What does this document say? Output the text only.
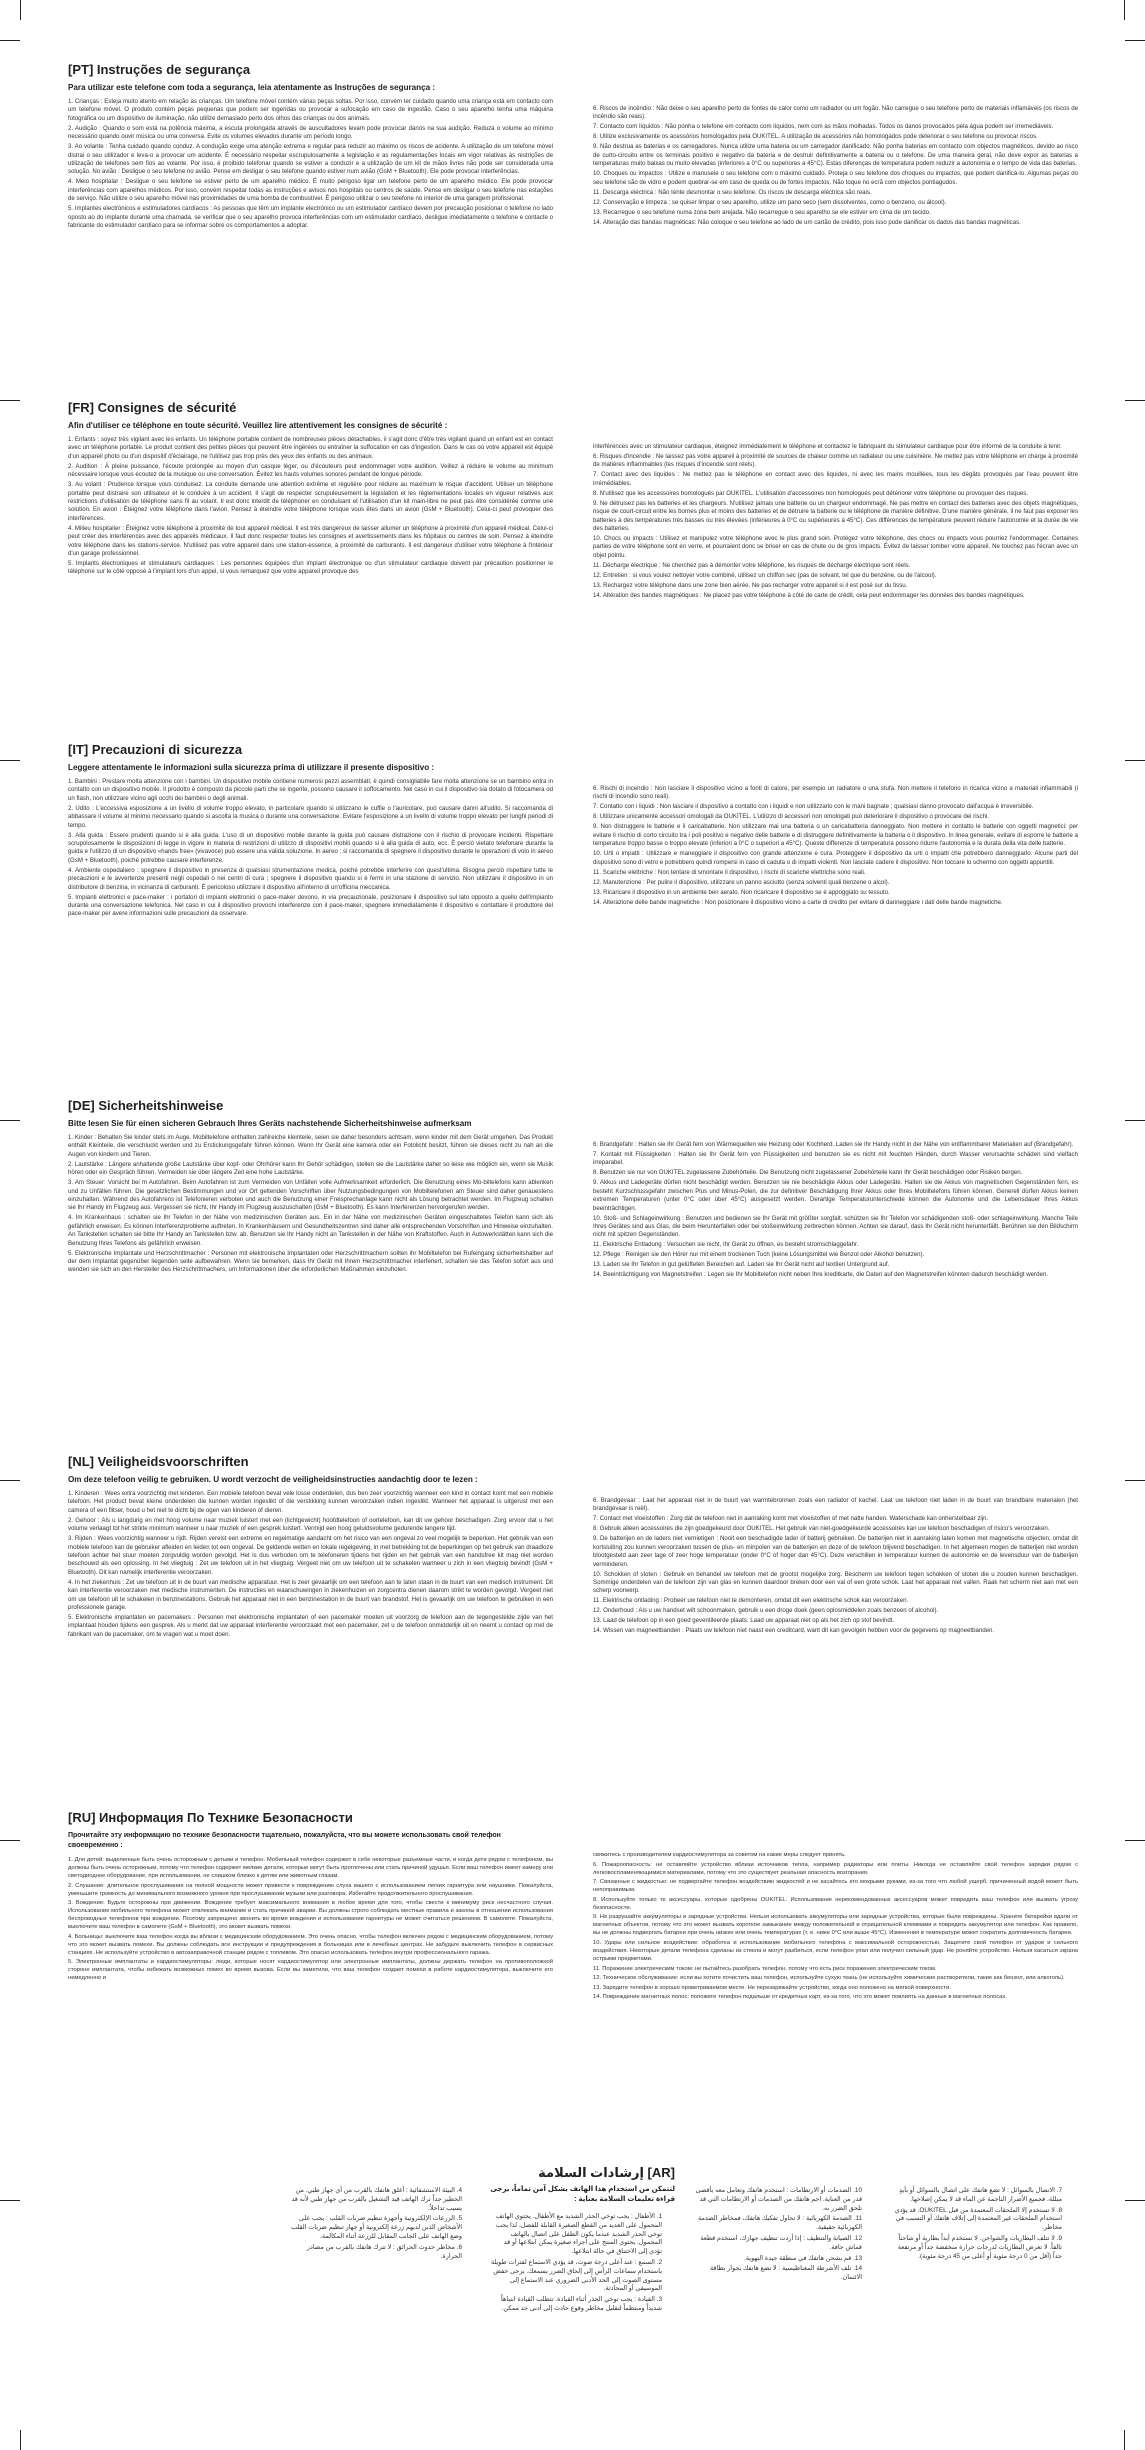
[PT] Instruções de segurança
Para utilizar este telefone com toda a segurança, leia atentamente as Instruções de segurança :

1. Crianças : Esteja muito atento em relação às crianças. Um telefone móvel contém várias peças soltas. Por isso, convém ter cuidado quando uma criança está em contacto com um telefone móvel. O produto contém peças pequenas que podem ser ingeridas ou provocar a sufocação em caso de ingestão. Caso o seu aparelho tenha uma máquina fotográfica ou um dispositivo de iluminação, não utilize demasiado perto dos olhos das crianças ou dos animais.

2. Audição : Quando o som está na potência máxima, a escuta prolongada através de auscultadores levam pode provocar danos na sua audição. Reduza o volume ao mínimo necessário quando ouvir música ou uma conversa. Evite os volumes elevados durante um período longo.

3. Ao volante : Tenha cuidado quando conduz. A condução exige uma atenção extrema e regular para reduzir ao máximo os riscos de acidente. A utilização de um telefone móvel distrai o seu utilizador e leva-o a provocar um acidente. É necessário respeitar escrupulosamente a legislação e as regulamentações locais em vigor relativas às restrições de utilização de telefones sem fios ao volante. Por isso, é proibido telefonar quando se estiver a conduzir e a utilização de um kit de mãos livres não pode ser considerada uma solução. No avião : Desligue o seu telefone no avião. Pense em desligar o seu telefone quando estiver num avião (GsM + Bluetooth). Ele pode provocar interferências.

4. Meio hospitalar : Desligue o seu telefone se estiver perto de um aparelho médico. É muito perigoso ligar um telefone perto de um aparelho médico. Ele pode provocar interferências com aparelhos médicos. Por isso, convém respeitar todas as instruções e avisos nos hospitais ou centros de saúde. Pense em desligar o seu telefone nas estações de serviço. Não utilize o seu aparelho móvel nas proximidades de uma bomba de combustível. É perigoso utilizar o seu telefone no interior de uma garagem profissional.

5. Implantes electrónicos e estimuladores cardíacos : As pessoas que têm um implante electrónico ou um estimulador cardíaco devem por precaução posicionar o telefone no lado oposto ao do implante durante uma chamada, se verificar que o seu aparelho provoca interferências com um estimulador cardíaco, desligue imediatamente o telefone e contacte o fabricante do estimulador cardíaco para se informar sobre os comportamentos a adoptar.

6. Riscos de incêndio : Não deixe o seu aparelho perto de fontes de calor como um radiador ou um fogão. Não carregue o seu telefone perto de materiais inflamáveis (os riscos de incêndio são reais).

7. Contacto com líquidos : Não ponha o telefone em contacto com líquidos, nem com as mãos molhadas. Todos os danos provocados pela água podem ser irremediáveis.

8. Utilize exclusivamente os acessórios homologados pela OUKITEL. A utilização de acessórios não homologados pode deteriorar o seu telefone ou provocar riscos.

9. Não destrua as baterias e os carregadores. Nunca utilize uma bateria ou um carregador danificado. Não ponha baterias em contacto com objectos magnéticos, devido ao risco de curto-circuito entre os terminais positivo e negativo da bateria e de destruir definitivamente a bateria ou o telefone. De uma maneira geral, não deve expor as baterias a temperaturas muito baixas ou muito elevadas (inferiores a 0°C ou superiores a 45°C). Estas diferenças de temperatura podem reduzir a autonomia e o tempo de vida das baterias.

10. Choques ou impactos : Utilize e manuseie o seu telefone com o máximo cuidado. Proteja o seu telefone dos choques ou impactos, que podem danificá-lo. Algumas peças do seu telefone são de vidro e podem quebrar-se em caso de queda ou de fortes impactos. Não toque no ecrã com objectos pontiagudos.

11. Descarga eléctrica : Não tente desmontar o seu telefone. Os riscos de descarga eléctrica são reais.

12. Conservação e limpeza : se quiser limpar o seu aparelho, utilize um pano seco (sem dissolventes, como o benzeno, ou álcool).

13. Recarregue o seu telefone numa zona bem arejada. Não recarregue o seu aparelho se ele estiver em cima de um tecido.

14. Alteração das bandas magnéticas: Não coloque o seu telefone ao lado de um cartão de crédito, pois isso pode danificar os dados das bandas magnéticas.

[FR] Consignes de sécurité
Afin d'utiliser ce téléphone en toute sécurité. Veuillez lire attentivement les consignes de sécurité :

1. Enfants : soyez très vigilant avec les enfants. Un téléphone portable contient de nombreuses pièces détachables, il s'agit donc d'être très vigilant quand un enfant est en contact avec un téléphone portable. Le produit contient des petites pièces qui peuvent être ingérées ou entraîner la suffocation en cas d'ingestion. Dans le cas où votre appareil est équipé d'un appareil photo ou d'un dispositif d'éclairage, ne l'utilisez pas trop près des yeux des enfants ou des animaux.

2. Audition : À pleine puissance, l'écoute prolongée au moyen d'un casque léger, ou d'écouteurs peut endommager votre audition. Veillez à réduire le volume au minimum nécessaire lorsque vous écoutez de la musique ou une conversation. Évitez les hauts volumes sonores pendant de longue période.

3. Au volant : Prudence lorsque vous conduisez. La conduite demande une attention extrême et régulière pour réduire au maximum le risque d'accident. Utiliser un téléphone portable peut distraire son utilisateur et le conduire à un accident. Il s'agit de respecter scrupuleusement la législation et les réglementations locales en vigueur relatives aux restrictions d'utilisation de téléphone sans fil au volant. Il est donc interdit de téléphoner en conduisant et l'utilisation d'un kit main-libre ne peut pas être considérée comme une solution. En avion : Éteignez votre téléphone dans l'avion. Pensez à éteindre votre téléphone lorsque vous êtes dans un avion (GsM + Bluetooth). Celui-ci peut provoquer des interférences.

4. Milieu hospitalier : Éteignez votre téléphone à proximité de tout appareil médical. Il est très dangereux de laisser allumer un téléphone à proximité d'un appareil médical. Celui-ci peut créer des interférences avec des appareils médicaux. Il faut donc respecter toutes les consignes et avertissements dans les hôpitaux ou centres de soin. Pensez à éteindre votre téléphone dans les stations-service. N'utilisez pas votre appareil dans une station-essence, à proximité de carburants. Il est dangereux d'utiliser votre téléphone à l'intérieur d'un garage professionnel.

5. Implants électroniques et stimulateurs cardiaques : Les personnes équipées d'un implant électronique ou d'un stimulateur cardiaque doivent par précaution positionner le téléphone sur le côté opposé à l'implant lors d'un appel, si vous remarquez que votre appareil provoque des

interférences avec un stimulateur cardiaque, éteignez immédiatement le téléphone et contactez le fabriquant du stimulateur cardiaque pour être informé de la conduite à tenir.

6. Risques d'incendie : Ne laissez pas votre appareil à proximité de sources de chaleur comme un radiateur ou une cuisinière. Ne mettez pas votre téléphone en charge à proximité de matières inflammables (les risques d'incendie sont réels).

7. Contact avec des liquides : Ne mettez pas le téléphone en contact avec des liquides, ni avec les mains mouillées, tous les dégâts provoqués par l'eau peuvent être irrémédiables.

8. N'utilisez que les accessoires homologués par OUKITEL. L'utilisation d'accessoires non homologués peut détériorer votre téléphone ou provoquer des risques.

9. Ne détruisez pas les batteries et les chargeurs. N'utilisez jamais une batterie ou un chargeur endommagé. Ne pas mettre en contact des batteries avec des objets magnétiques, risque de court-circuit entre les bornes plus et moins des batteries et de détruire la batterie ou le téléphone de manière définitive. D'une manière générale, il ne faut pas exposer les batteries à des températures très basses ou très élevées (inférieures à 0°C ou supérieures à 45°C). Ces différences de température peuvent réduire l'autonomie et la durée de vie des batteries.

10. Chocs ou impacts : Utilisez et manipulez votre téléphone avec le plus grand soin. Protégez votre téléphone, des chocs ou impacts vous pourriez l'endommager. Certaines parties de votre téléphone sont en verre, et pourraient donc se briser en cas de chute ou de gros impacts. Évitez de laisser tomber votre appareil. Ne touchez pas l'écran avec un objet pointu.

11. Décharge électrique : Ne cherchez pas à démonter votre téléphone, les risques de décharge électrique sont réels.

12. Entretien : si vous voulez nettoyer votre combiné, utilisez un chiffon sec (pas de solvant, tel que du benzène, ou de l'alcool).

13. Rechargez votre téléphone dans une zone bien aérée. Ne pas recharger votre appareil si il est posé sur du tissu.

14. Altération des bandes magnétiques : Ne placez pas votre téléphone à côté de carte de crédit, cela peut endommager les données des bandes magnétiques.

[IT] Precauzioni di sicurezza
Leggere attentamente le informazioni sulla sicurezza prima di utilizzare il presente dispositivo :

1. Bambini : Prestare molta attenzione con i bambini. Un dispositivo mobile contiene numerosi pezzi assemblati; è quindi consigliabile fare molta attenzione se un bambino entra in contatto con un dispositivo mobile. Il prodotto è composto da piccole parti che se ingerite, possono causare il soffocamento. Nel caso in cui il dispositivo sia dotato di fotocamera od un flash, non utilizzare vicino agli occhi dei bambini o degli animali.

2. Udito : L'eccessiva esposizione a un livello di volume troppo elevato, in particolare quando si utilizzano le cuffie o l'auricolare, può causare danni all'udito. Si raccomanda di abbassare il volume al minimo necessario quando si ascolta la musica o durante una conversazione. Evitare l'esposizione a un livello di volume troppo elevato per lunghi periodi di tempo.

3. Alla guida : Essere prudenti quando si è alla guida. L'uso di un dispositivo mobile durante la guida può causare distrazione con il rischio di provocare incidenti. Rispettare scrupolosamente le disposizioni di legge in vigore in materia di restrizioni di utilizzo di dispositivi mobili quando si è alla guida di auto, ecc. È perciò vietato telefonare durante la guida e l'utilizzo di un dispositivo «hands free» (vivavoce) può essere una valida soluzione. In aereo : si raccomanda di spegnere il dispositivo durante le operazioni di volo in aereo (GsM + Bluetooth), poiché potrebbe causare interferenze.

4. Ambiente ospedaliero : spegnere il dispositivo in presenza di qualsiasi strumentazione medica, poiché potrebbe interferire con quest'ultima. Bisogna perciò rispettare tutte le precauzioni e le avvertenze presenti negli ospedali o nei centri di cura ; spegnere il dispositivo quando si è fermi in una stazione di servizio. Non utilizzare il dispositivo in un distributore di benzina, in vicinanza di carburanti. È pericoloso utilizzare il dispositivo all'interno di un'officina meccanica.

5. Impianti elettronici e pace-maker : i portatori di impianti elettronici o pace-maker devono, in via precauzionale, posizionare il dispositivo sul lato opposto a quello dell'impianto durante una conversazione telefonica. Nel caso in cui il dispositivo provochi interferenze con il pace-maker, spegnere immediatamente il dispositivo e contattare il produttore del pace-maker per avere informazioni sulle precauzioni da osservare.

6. Rischi di incendio : Non lasciare il dispositivo vicino a fonti di calore, per esempio un radiatore o una stufa. Non mettere il telefono in ricarica vicino a materiali infiammabili (i rischi di incendio sono reali).

7. Contatto con i liquidi : Non lasciare il dispositivo a contatto con i liquidi e non utilizzarlo con le mani bagnate ; qualsiasi danno provocato dall'acqua è irreversibile.

8. Utilizzare unicamente accessori omologati da OUKITEL. L'utilizzo di accessori non omologati può deteriorare il dispositivo o provocare dei rischi.

9. Non distruggere le batterie e il caricabatterie. Non utilizzare mai una batteria o un caricabatteria danneggiato. Non mettere in contatto le batterie con oggetti magnetici: per evitare il rischio di corto circuito tra i poli positivo e negativo delle batterie e di distruggere definitivamente la batteria o il dispositivo. In linea generale, evitare di esporre le batterie a temperature troppo basse o troppo elevate (inferiori a 0°C o superiori a 45°C). Queste differenze di temperatura possono ridurre l'autonomia e la durata della vita delle batterie.

10. Urti o impatti : Utilizzare e maneggiare il dispositivo con grande attenzione e cura. Proteggere il dispositivo da urti o impatti che potrebbero danneggiarlo. Alcune parti del dispositivo sono di vetro e potrebbero quindi rompersi in caso di caduta o di impatti violenti. Non lasciate cadere il dispositivo. Non toccare lo schermo con oggetti appuntiti.

11. Scariche elettriche : Non tentare di smontare il dispositivo, i rischi di scariche elettriche sono reali.

12. Manutenzione : Per pulire il dispositivo, utilizzare un panno asciutto (senza solventi quali benzene o alcol).

13. Ricaricare il dispositivo in un ambiente ben aerato. Non ricaricare il dispositivo se è appoggiato su tessuto.

14. Alterazione delle bande magnetiche : Non posizionare il dispositivo vicino a carte di credito per evitare di danneggiare i dati delle bande magnetiche.

[DE] Sicherheitshinweise
Bitte lesen Sie für einen sicheren Gebrauch Ihres Geräts nachstehende Sicherheitshinweise aufmerksam

1. Kinder : Behalten Sie kinder stets im Auge. Mobiltelefone enthalten zahlreiche kleinteile, seien sie daher besonders achtsam, wenn kinder mit dem Gerät umgehen. Das Produkt enthält Kleinteile, die verschluckt werden und zu Erstickungsgefahr führen können. Wenn Ihr Gerät eine kamera oder ein Fotolicht besitzt, führen sie dieses nicht zu nah an die Augen von kindern und Tieren.

2. Lautstärke : Längere anhaltende große Lautstärke über kopf- oder Ohrhörer kann Ihr Gehör schädigen, stellen sie die Lautstärke daher so leise wie möglich ein, wenn sie Musik hören oder ein Gespräch führen. Vermeiden sie über längere Zeit eine hohe Lautstärke.

3. Am Steuer: Vorsicht bei m Autofahren. Beim Autofahren ist zum Vermeiden von Unfällen volle Aufmerksamkeit erforderlich. Die Benutzung eines Mo-biltelefons kann ablenken und zu Unfällen führen. Die gesetzlichen Bestimmungen und vor Ort geltenden Vorschriften über Nutzungsbedingungen von Mobiltelefonen am Steuer sind daher genauestens einzuhalten. Während des Autofahrens ist Telefonieren verboten und auch die Benutzung einer Freisprechanlage kann nicht als Lösung betrachtet werden. Im Flugzeug schalten sie Ihr Handy im Flugzeug aus. Vergessen sie nicht, Ihr Handy im Flugzeug auszuschalten (GsM + Bluetooth). Es kann Interferenzen hervorgerufen werden.

4. Im Krankenhaus : schalten sie Ihr Telefon in der Nähe von medizinischen Geräten aus. Ein in der Nähe von medizinischen Geräten eingeschaltetes Telefon kann sich als gefährlich erweisen. Es können Interferenzprobleme auftreten. In Krankenhäusern und Gesundheitszentren sind daher alle entsprechenden Vorschriften und Hinweise einzuhalten. An Tankstellen schalten sie bitte Ihr Handy an Tankstellen bzw. ab. Benutzen sie Ihr Handy nicht an Tankstellen in der Nähe von Kraftstoffen. Auch in Autowerkstätten kann sich die Benutzung Ihres Telefons als gefährlich erweisen.

5. Elektronische Implantate und Herzschrittmacher : Personen mit elektronische Implantaten oder Herzschrittmachern sollten ihr Mobiltelefon bei Rufeingang sicherheitshalber auf der dem Implantat gegenüber liegenden seite aufbewahren. Wenn sie bemerken, dass Ihr Gerät mit Ihrem Herzschrittmacher interferiert, schalten sie das Telefon sofort aus und wenden sie sich an den Hersteller des Herzschrittmachers, um Informationen über die erforderlichen Maßnahmen einzuholen.

6. Brandgefahr : Halten sie Ihr Gerät fern von Wärmequellen wie Heizung oder Kochherd. Laden sie Ihr Handy nicht in der Nähe von entflammbarer Materialien auf (Brandgefahr).

7. Kontakt mit Flüssigkeiten : Halten sie Ihr Gerät fern von Flüssigkeiten und benutzen sie es nicht mit feuchten Händen, durch Wasser verursachte schäden sind vielfach irreparabel.

8. Benutzen sie nur von OUKITEL zugelassene Zubehörteile. Die Benutzung nicht zugelassener Zubehörteile kann Ihr Gerät beschädigen oder Risiken bergen.

9. Akkus und Ladegeräte dürfen nicht beschädigt werden. Benutzen sie nie beschädigte Akkus oder Ladegeräte. Halten sie die Akkus von magnetischen Gegenständen fern, es besteht Kurzschlussgefahr zwischen Plus und Minus-Polen, die zur definitiver Beschädigung Ihrer Akkus oder Ihres Mobiltelefons führen können. Generell dürfen Akkus keinen extremen Temperaturen (unter 0°C oder über 45°C) ausgesetzt werden. Derartige Temperaturunterschiede können die Autonomie und die Lebensdauer Ihres Akkus beeinträchtigen.

10. Stoß- und Schlageinwirkung : Benutzen und bedienen sie Ihr Gerät mit größter sorgfalt. schützen sie Ihr Telefon vor schädigenden stoß- oder schlageinwirkung. Manche Teile Ihres Gerätes sind aus Glas, die beim Herunterfallen oder bei stoßeinwirkung zerbrechen können. Achten sie darauf, dass Ihr Gerät nicht herunterfällt. Berühren sie den Bildschirm nicht mit spitzen Gegenständen.

11. Elektrische Entladung : Versuchen sie nicht, Ihr Gerät zu öffnen, es besteht stromschlaggefahr.

12. Pflege : Reinigen sie den Hörer nur mit einem trockenen Tuch (keine Lösungsmittel wie Benzol oder Alkohol benutzen).

13. Laden sie Ihr Telefon in gut gelüfteten Bereichen auf. Laden sie Ihr Gerät nicht auf textilen Untergrund auf.

14. Beeinträchtigung von Magnetstreifen : Legen sie Ihr Mobiltelefon nicht neben Ihre kreditkarte, die Daten auf den Magnetstreifen könnten dadurch beschädigt werden.

[NL] Veiligheidsvoorschriften
Om deze telefoon veilig te gebruiken. U wordt verzocht de veiligheidsinstructies aandachtig door te lezen :

1. Kinderen : Wees extra voorzichtig met kinderen. Een mobiele telefoon bevat vele losse onderdelen, dus ben zeer voorzichtig wanneer een kind in contact komt met een mobiele telefoon. Het product bevat kleine onderdelen die kunnen worden ingeslikt of die verstikking kunnen veroorzaken indien ingeslikt. Wanneer het apparaat is uitgerust met een camera of een flitser, houd u het niet te dicht bij de ogen van kinderen of dieren.

2. Gehoor : Als u langdurig en met hoog volume naar muziek luistert met een (lichtgewicht) hoofdtelefoon of oortelefoon, kan dit uw gehoor beschadigen. Zorg ervoor dat u het volume verlaagt tot het strikte minimum wanneer u naar muziek of een gesprek luistert. Vermijd een hoog geluidsvolume gedurende langere tijd.

3. Rijden : Wees voorzichtig wanneer u rijdt. Rijden vereist een extreme en regelmatige aandacht om het risico van een ongeval zo veel mogelijk te beperken. Het gebruik van een mobiele telefoon kan de gebruiker afleiden en leiden tot een ongeval. De geldende wetten en lokale regelgeving, in met betrekking tot de beperkingen op het gebruik van draadloze telefoon achter het stuur moeten zorgvuldig worden gevolgd. Het is dus verboden om te telefoneren tijdens het rijden en het gebruik van een handsfree kit mag niet worden beschouwd als een oplossing. In het vliegtuig : Zet uw telefoon uit in het vliegtuig. Vergeet niet om uw telefoon uit te schakelen wanneer u zich in een vliegtuig bevindt (GsM + Bluetooth). Dit kan namelijk interferentie veroorzaken.

4. In het ziekenhuis : Zet uw telefoon uit in de buurt van medische apparatuur. Het is zeer gevaarlijk om een telefoon aan te laten staan in de buurt van een medisch instrument. Dit kan interferentie veroorzaken met medische instrumenten. De instructies en waarschuwingen in ziekenhuizen en zorgcentra dienen daarom strikt te worden gevolgd. Vergeet niet om uw telefoon uit te schakelen in benzinestations. Gebruik het apparaat niet in een benzinestation in de buurt van brandstof. Het is gevaarlijk om uw telefoon te gebruiken in een professionele garage.

5. Elektronische implantaten en pacemakers : Personen met elektronische implantaten of een pacemaker moeten uit voorzorg de telefoon aan de tegengestelde zijde van het implantaat houden tijdens een gesprek. Als u merkt dat uw apparaat interferentie veroorzaakt met een pacemaker, zet u de telefoon onmiddellijk uit en neemt u contact op met de fabrikant van de pacemaker, om te vragen wat u moet doen.

6. Brandgevaar : Laat het apparaat niet in de buurt van warmtebronnen zoals een radiator of kachel. Laat uw telefoon niet laden in de buurt van brandbare materialen (het brandgevaar is reël).

7. Contact met vloeistoffen : Zorg dat de telefoon niet in aanraking komt met vloeistoffen of met natte handen. Waterschade kan onherstelbaar zijn.

8. Gebruik alleen accessoires die zijn goedgekeurd door OUKITEL. Het gebruik van niet-goedgekeurde accessoires kan uw telefoon beschadigen of risico's veroorzaken.

9. De batterijen en de laders niet vernietigen : Nooit een beschadigde lader of batterij gebruiken. De batterijen niet in aanraking laten komen met magnetische objecten, omdat dit kortsluiting zou kunnen veroorzaken tussen de plus- en minpolen van de batterijen en deze of de telefoon blijvend beschadigen. In het algemeen mogen de batterijen niet worden blootgesteld aan zeer lage of zeer hoge temperatuur (onder 0°C of hoger dan 45°C). Deze verschillen in temperatuur kunnen de autonomie en de levensduur van de batterijen verminderen.

10. Schokken of stoten : Gebruik en behandel uw telefoon met de grootst mogelijke zorg. Bescherm uw telefoon tegen schokken of stoten die u zouden kunnen beschadigen. Sommige onderdelen van de telefoon zijn van glas en kunnen daardoor breken door een val of een grote schok. Laat het apparaat niet vallen. Raak het scherm niet aan met een scherp voorwerp.

11. Elektrische ontlading : Probeer uw telefoon niet te demonteren, omdat dit een elektrische schok kan veroorzaken.

12. Onderhoud : Als u uw handset wilt schoonmaken, gebruik u een droge doek (geen oplosmiddelen zoals benzeen of alcohol).

13. Laad de telefoon op in een goed geventileerde plaats. Laad uw apparaat niet op als het zich op stof bevindt.

14. Wissen van magneetbanden : Plaats uw telefoon niet naast een creditcard, want dit kan gevolgen hebben voor de gegevens op magneetbanden.

[RU] Информация По Технике Безопасности
Прочитайте эту информацию по технике безопасности тщательно, пожалуйста, что вы можете использовать свой телефон своевременно :

1. Для детей: выделенные быть очень осторожным с детьми и телефон. Мобильный телефон содержит в себе некоторые разъемные части, и когда дети рядом с телефоном, вы должны быть очень осторожным, потому что телефон содержит мелкие детали, которые могут быть проглочены или стать причиной удушья. Если ваш телефон имеет камеру или светодиодное оборудование, при использовании, не слишком близко к детям или животным глазам.

2. Слушание: длительное прослушивание на полной мощности может привести к повреждению слуха вашего с использованием легких гарнитура или наушники. Пожалуйста, уменьшите громкость до минимального возможного уровня при прослушивании музыки или разговора. Избегайте продолжительного прослушивания.

3. Вождение: Будьте осторожны при движении. Вождение требует максимального внимания в любое время для того, чтобы свести к минимуму риск несчастного случая. Использование мобильного телефона может отвлекать внимание и стать причиной аварии. Вы должны строго соблюдать местные правила и законы в отношении использования беспроводных телефонов при вождении. Поэтому запрещено звонить во время вождения и использование гарнитуры не может считаться решением. В самолете: Пожалуйста, выключите ваш телефон в самолете (GsM + Bluetooth), это может вызвать помехи.

4. Больницы: выключите ваш телефон когда вы вблизи с медицинским оборудованием. Это очень опасно, чтобы телефон включен рядом с медицинским оборудованием, потому что это может вызвать помехи. Вы должны соблюдать все инструкции и предупреждения в больницах или в лечебных центрах. Не забудьте выключить телефон в сервисных станциях. Не используйте устройство в автозаправочной станции рядом с топливом. Это опасно использовать телефон внутри профессионального гаража.

5. Электронные имплантаты и кардиостимуляторы: люди, которые носят кардиостимулятор или электронные имплантаты, должны держать телефон на противоположной стороне имплантата, чтобы избежать возможных помех во время вызова. Если вы заметили, что ваш телефон создает помехи в работе кардиостимулятора, выключите его немедленно и

свяжитесь с производителем кардиостимулятора за советом на какие меры следует принять.

6. Пожароопасность: не оставляйте устройство вблизи источников тепла, например радиаторы или плиты. Никогда не оставляйте свой телефон зарядки рядом с легковоспламеняющимися материалами, потому что это существует реальная опасность возгорания.

7. Связанные с жидкостью: не подвергайте телефон воздействию жидкостей и не касайтесь его мокрыми руками, из-за того что любой ущерб, причиненный водой может быть непоправимым.

8. Используйте только те аксессуары, которые одобрены OUKITEL. Использование нерекомендованных аксессуаров может повредить ваш телефон или вызвать угрозу безопасности.

9. Не разрушайте аккумуляторы и зарядные устройства. Нельзя использовать аккумуляторы или зарядные устройства, которые были повреждены. Храните батарейки вдали от магнитных объектов, потому что это может вызвать короткое замыкание между положительной и отрицательной клеммами и повредить аккумулятор или телефон. Как правило, вы не должны подвергать батареи при очень низких или очень температурах (т. е. ниже 0°C или выше 45°C). Изменения в температуре может сократить долговечность батареи.

10. Удары или сильное воздействие: обработка и использование мобильного телефона с максимальной осторожностью. Защитите свой телефон от ударов и сильного воздействия. Некоторые детали телефона сделаны из стекла и могут разбиться, если телефон упал или получил сильный удар. Не роняйте устройство. Нельзя касаться экрана острыми предметами.

11. Поражение электрическим током: не пытайтесь разобрать телефон, потому что есть риск поражения электрическим током.

12. Техническое обслуживание: если вы хотите почистить ваш телефон, используйте сухую ткань (не используйте химические растворители, такие как бензол, или алкоголь).

13. Зарядите телефон в хорошо проветриваемом месте. Не перезаряжайте устройство, когда оно положено на мягкой поверхности.

14. Повреждение магнитных полос: положите телефон подальше от кредитных карт, из-за того, что это может повлиять на данные в магнитных полосах.

[AR] إرشادات السلامة
لتتمكن من استخدام هذا الهاتف بشكل آمن تماماً، يرجى قراءة تعليمات السلامة بعناية :

1. الأطفال : يجب توخي الحذر الشديد مع الأطفال. يحتوي الهاتف المحمول على العديد من القطع الصغيرة القابلة للفصل، لذا يجب توخي الحذر الشديد عندما يكون الطفل على اتصال بالهاتف المحمول. يحتوي المنتج على أجزاء صغيرة يمكن ابتلاعها أو قد تؤدي إلى الاختناق في حالة ابتلاعها.

2. السمع : عند أعلى درجة صوت، قد يؤدي الاستماع لفترات طويلة باستخدام سماعات الرأس إلى إلحاق الضرر بسمعك. يرجى خفض مستوى الصوت إلى الحد الأدنى الضروري عند الاستماع إلى الموسيقى أو المحادثة.

3. القيادة : يجب توخي الحذر أثناء القيادة. تتطلب القيادة انتباهاً شديداً ومنتظماً لتقليل مخاطر وقوع حادث إلى أدنى حد ممكن.

4. البيئة الاستشفائية : أغلق هاتفك بالقرب من أي جهاز طبي. من الخطير جداً ترك الهاتف قيد التشغيل بالقرب من جهاز طبي لأنه قد يسبب تداخلاً.

5. الزرعات الإلكترونية وأجهزة تنظيم ضربات القلب : يجب على الأشخاص الذين لديهم زرعة إلكترونية أو جهاز تنظيم ضربات القلب وضع الهاتف على الجانب المقابل للزرعة أثناء المكالمة.

6. مخاطر حدوث الحرائق : لا تترك هاتفك بالقرب من مصادر الحرارة.

10. الصدمات أو الارتطامات : استخدم هاتفك وتعامل معه بأقصى قدر من العناية. احم هاتفك من الصدمات أو الارتطامات التي قد تلحق الضرر به.

11. الصدمة الكهربائية : لا تحاول تفكيك هاتفك، فمخاطر الصدمة الكهربائية حقيقية.

12. الصيانة والتنظيف : إذا أردت تنظيف جهازك، استخدم قطعة قماش جافة.

13. قم بشحن هاتفك في منطقة جيدة التهوية.

14. تلف الأشرطة المغناطيسية : لا تضع هاتفك بجوار بطاقة الائتمان.

7. الاتصال بالسوائل : لا تضع هاتفك على اتصال بالسوائل أو بأيدٍ مبللة، فجميع الأضرار الناجمة عن الماء قد لا يمكن إصلاحها.

8. لا تستخدم إلا الملحقات المعتمدة من قبل OUKITEL. قد يؤدي استخدام الملحقات غير المعتمدة إلى إتلاف هاتفك أو التسبب في مخاطر.

9. لا تتلف البطاريات والشواحن. لا تستخدم أبداً بطارية أو شاحناً تالفاً. لا تعرض البطاريات لدرجات حرارة منخفضة جداً أو مرتفعة جداً (أقل من 0 درجة مئوية أو أعلى من 45 درجة مئوية).
